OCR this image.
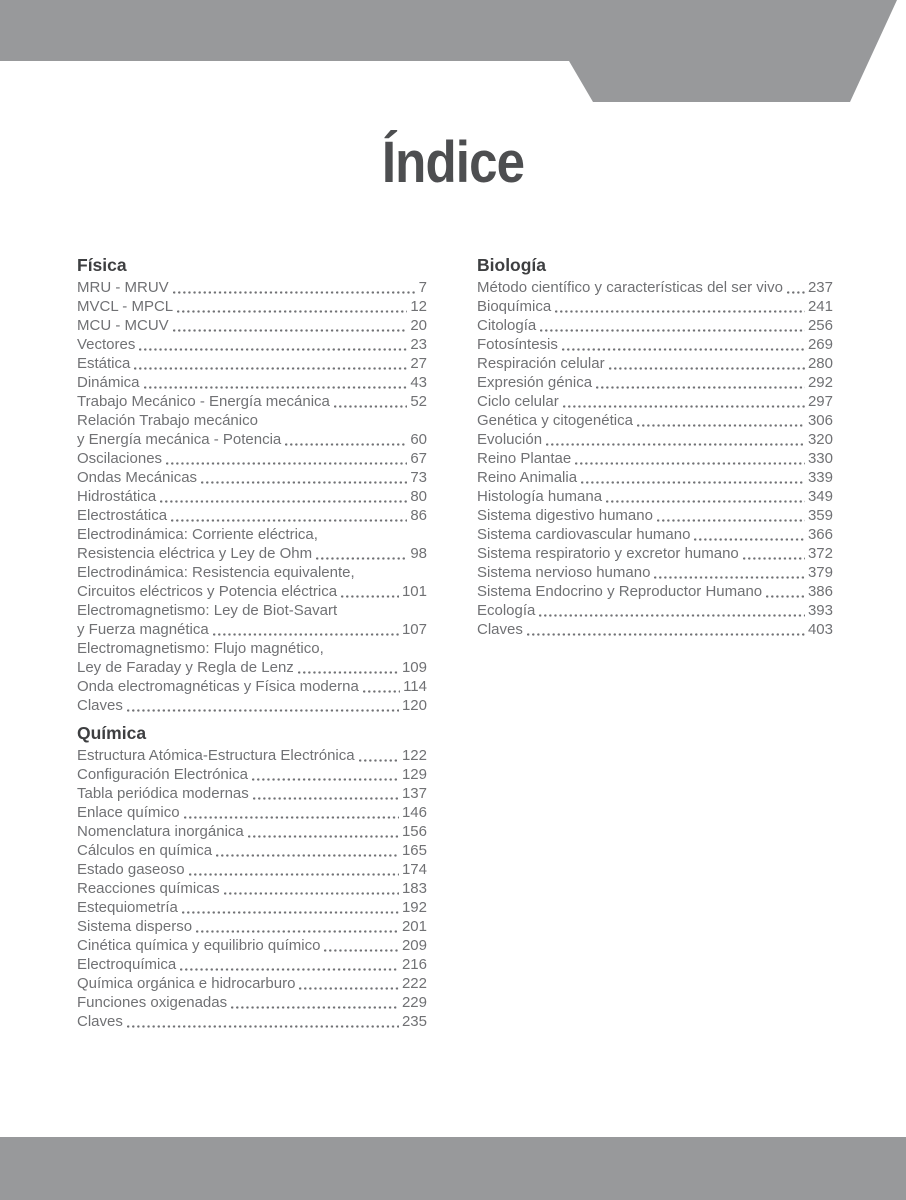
Índice
Física
MRU - MRUV	7
MVCL - MPCL	12
MCU - MCUV	20
Vectores	23
Estática	27
Dinámica	43
Trabajo Mecánico - Energía mecánica	52
Relación Trabajo mecánico
y Energía mecánica - Potencia	60
Oscilaciones	67
Ondas Mecánicas	73
Hidrostática	80
Electrostática	86
Electrodinámica: Corriente eléctrica,
Resistencia eléctrica y Ley de Ohm	98
Electrodinámica: Resistencia equivalente,
Circuitos eléctricos y Potencia eléctrica	101
Electromagnetismo: Ley de Biot-Savart
y Fuerza magnética	107
Electromagnetismo: Flujo magnético,
Ley de Faraday y Regla de Lenz	109
Onda electromagnéticas y Física moderna	114
Claves	120
Química
Estructura Atómica-Estructura Electrónica	122
Configuración Electrónica	129
Tabla periódica modernas	137
Enlace químico	146
Nomenclatura inorgánica	156
Cálculos en química	165
Estado gaseoso	174
Reacciones químicas	183
Estequiometría	192
Sistema disperso	201
Cinética química y equilibrio químico	209
Electroquímica	216
Química orgánica e hidrocarburo	222
Funciones oxigenadas	229
Claves	235
Biología
Método científico y características del ser vivo 237
Bioquímica	241
Citología	256
Fotosíntesis	269
Respiración celular	280
Expresión génica	292
Ciclo celular	297
Genética y citogenética	306
Evolución	320
Reino Plantae	330
Reino Animalia	339
Histología humana	349
Sistema digestivo humano	359
Sistema cardiovascular humano	366
Sistema respiratorio y excretor humano	372
Sistema nervioso humano	379
Sistema Endocrino y Reproductor Humano	386
Ecología	393
Claves	403
